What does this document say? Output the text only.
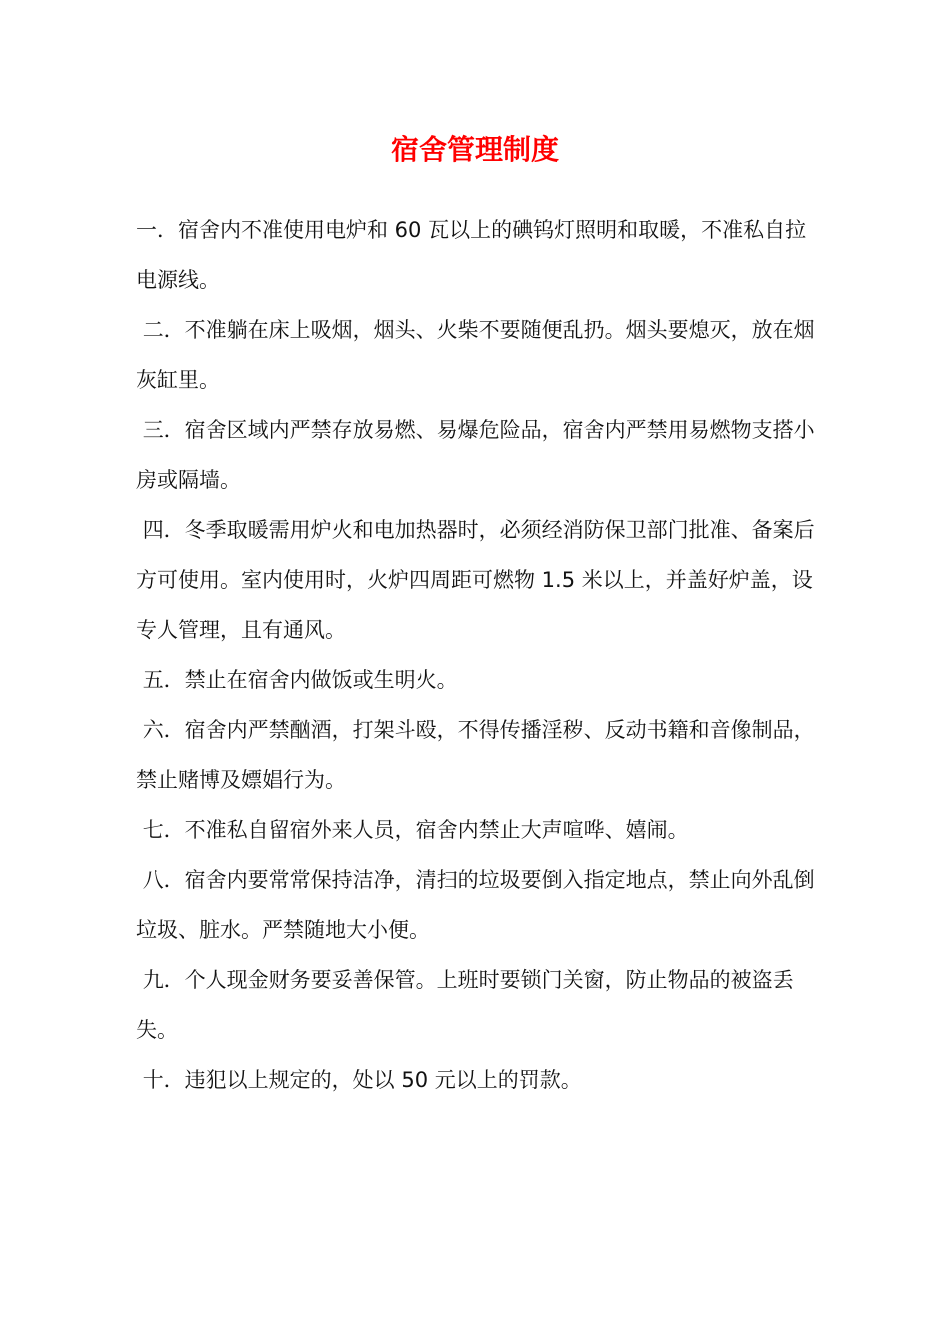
宿舍管理制度
一．宿舍内不准使用电炉和 60 瓦以上的碘钨灯照明和取暖，不准私自拉电源线。
二．不准躺在床上吸烟，烟头、火柴不要随便乱扔。烟头要熄灭，放在烟灰缸里。
三．宿舍区域内严禁存放易燃、易爆危险品，宿舍内严禁用易燃物支搭小房或隔墙。
四．冬季取暖需用炉火和电加热器时，必须经消防保卫部门批准、备案后方可使用。室内使用时，火炉四周距可燃物 1.5 米以上，并盖好炉盖，设专人管理，且有通风。
五．禁止在宿舍内做饭或生明火。
六．宿舍内严禁酗酒，打架斗殴，不得传播淫秽、反动书籍和音像制品，禁止赌博及嫖娼行为。
七．不准私自留宿外来人员，宿舍内禁止大声喧哗、嬉闹。
八．宿舍内要常常保持洁净，清扫的垃圾要倒入指定地点，禁止向外乱倒垃圾、脏水。严禁随地大小便。
九．个人现金财务要妥善保管。上班时要锁门关窗，防止物品的被盗丢失。
十．违犯以上规定的，处以 50 元以上的罚款。
